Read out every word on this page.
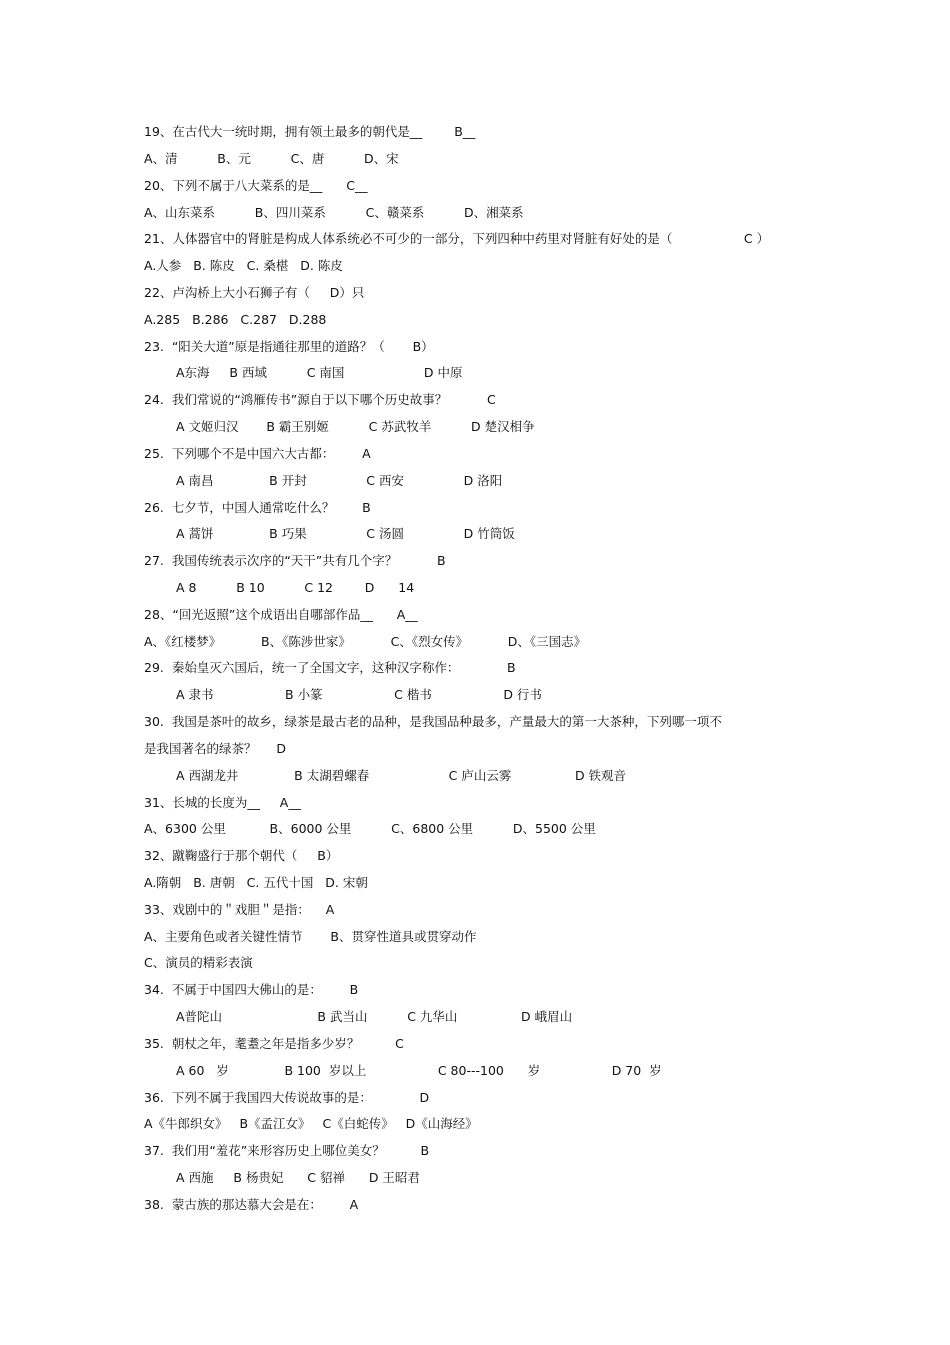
19、在古代大一统时期，拥有领土最多的朝代是__        B__
A、清          B、元          C、唐          D、宋
20、下列不属于八大菜系的是__      C__
A、山东菜系          B、四川菜系          C、赣菜系          D、湘菜系
21、人体器官中的肾脏是构成人体系统必不可少的一部分，下列四种中药里对肾脏有好处的是（                  C ）
A.人参   B. 陈皮   C. 桑椹   D. 陈皮
22、卢沟桥上大小石狮子有（     D）只
A.285   B.286   C.287   D.288
23.  “阳关大道”原是指通往那里的道路？（       B）
A东海     B 西域          C 南国                    D 中原
24.  我们常说的“鸿雁传书”源自于以下哪个历史故事？          C
A 文姬归汉       B 霸王别姬          C 苏武牧羊          D 楚汉相争
25.  下列哪个不是中国六大古都：       A
A 南昌              B 开封               C 西安               D 洛阳
26.  七夕节，中国人通常吃什么？       B
A 蒿饼              B 巧果               C 汤圆               D 竹筒饭
27.  我国传统表示次序的“天干”共有几个字？          B
A 8          B 10          C 12        D      14
28、“回光返照”这个成语出自哪部作品__      A__
A、《红楼梦》          B、《陈涉世家》          C、《烈女传》          D、《三国志》
29.  秦始皇灭六国后，统一了全国文字，这种汉字称作：            B
A 隶书                  B 小篆                  C 楷书                  D 行书
30.  我国是茶叶的故乡，绿茶是最古老的品种，是我国品种最多，产量最大的第一大茶种，下列哪一项不
是我国著名的绿茶？     D
A 西湖龙井              B 太湖碧螺春                    C 庐山云雾                D 铁观音
31、长城的长度为__     A__
A、6300 公里           B、6000 公里          C、6800 公里          D、5500 公里
32、蹴鞠盛行于那个朝代（     B）
A.隋朝   B. 唐朝   C. 五代十国   D. 宋朝
33、戏剧中的＂戏胆＂是指：    A
A、主要角色或者关键性情节       B、贯穿性道具或贯穿动作
C、演员的精彩表演
34.  不属于中国四大佛山的是：       B
A普陀山                        B 武当山          C 九华山                D 峨眉山
35.  朝杖之年，耄耋之年是指多少岁？         C
A 60   岁              B 100  岁以上                  C 80---100      岁                  D 70  岁
36.  下列不属于我国四大传说故事的是：            D
A《牛郎织女》   B《孟江女》   C《白蛇传》   D《山海经》
37.  我们用“羞花”来形容历史上哪位美女？         B
A 西施     B 杨贵妃      C 貂禅      D 王昭君
38.  蒙古族的那达慕大会是在：       A
